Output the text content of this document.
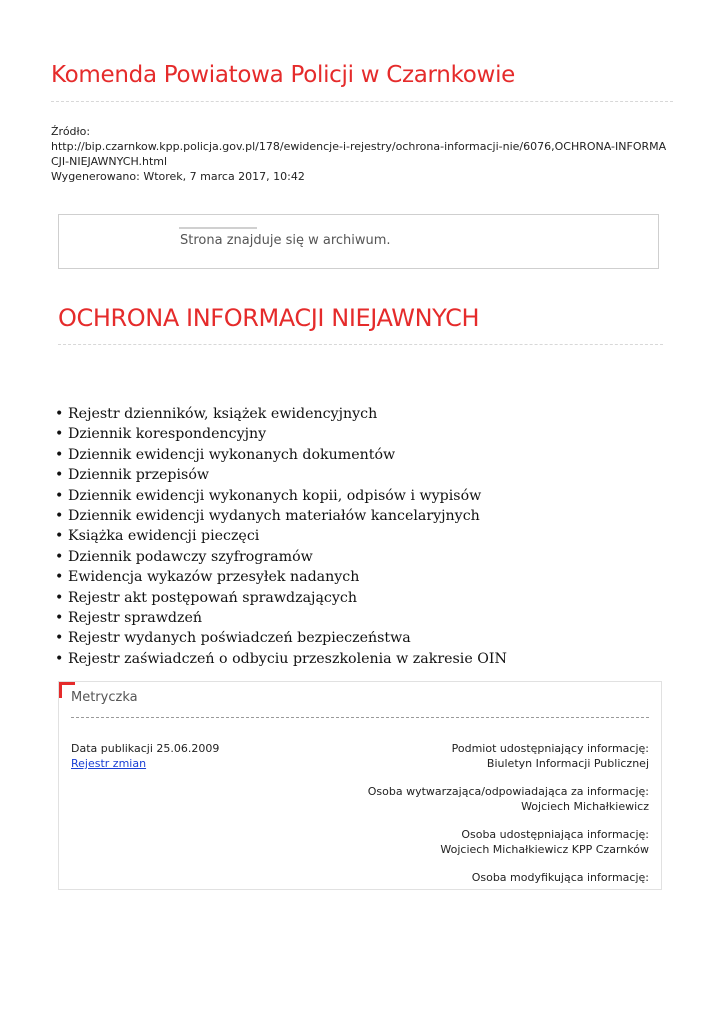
Komenda Powiatowa Policji w Czarnkowie
Źródło:
http://bip.czarnkow.kpp.policja.gov.pl/178/ewidencje-i-rejestry/ochrona-informacji-nie/6076,OCHRONA-INFORMACJI-NIEJAWNYCH.html
Wygenerowano: Wtorek, 7 marca 2017, 10:42
Strona znajduje się w archiwum.
OCHRONA INFORMACJI NIEJAWNYCH
• Rejestr dzienników, książek ewidencyjnych
• Dziennik korespondencyjny
• Dziennik ewidencji wykonanych dokumentów
• Dziennik przepisów
• Dziennik ewidencji wykonanych kopii, odpisów i wypisów
• Dziennik ewidencji wydanych materiałów kancelaryjnych
• Książka ewidencji pieczęci
• Dziennik podawczy szyfrogramów
• Ewidencja wykazów przesyłek nadanych
• Rejestr akt postępowań sprawdzających
• Rejestr sprawdzeń
• Rejestr wydanych poświadczeń bezpieczeństwa
• Rejestr zaświadczeń o odbyciu przeszkolenia w zakresie OIN
Metryczka
Data publikacji 25.06.2009
Rejestr zmian
Podmiot udostępniający informację:
Biuletyn Informacji Publicznej
Osoba wytwarzająca/odpowiadająca za informację:
Wojciech Michałkiewicz
Osoba udostępniająca informację:
Wojciech Michałkiewicz KPP Czarnków
Osoba modyfikująca informację:
